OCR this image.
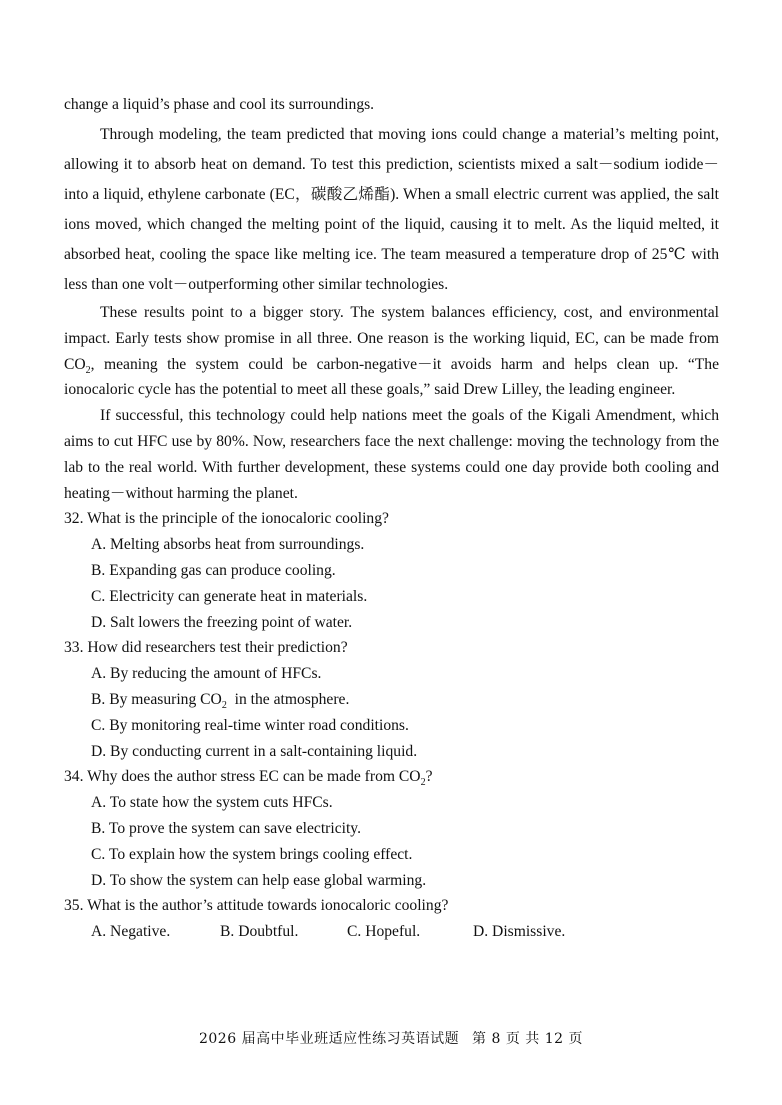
change a liquid’s phase and cool its surroundings.

Through modeling, the team predicted that moving ions could change a material’s melting point, allowing it to absorb heat on demand. To test this prediction, scientists mixed a salt－sodium iodide－into a liquid, ethylene carbonate (EC，碳酸乙烯酯). When a small electric current was applied, the salt ions moved, which changed the melting point of the liquid, causing it to melt. As the liquid melted, it absorbed heat, cooling the space like melting ice. The team measured a temperature drop of 25℃ with less than one volt－outperforming other similar technologies.

These results point to a bigger story. The system balances efficiency, cost, and environmental impact. Early tests show promise in all three. One reason is the working liquid, EC, can be made from $CO_2$, meaning the system could be carbon-negative－it avoids harm and helps clean up. “The ionocaloric cycle has the potential to meet all these goals,” said Drew Lilley, the leading engineer.

If successful, this technology could help nations meet the goals of the Kigali Amendment, which aims to cut HFC use by 80%. Now, researchers face the next challenge: moving the technology from the lab to the real world. With further development, these systems could one day provide both cooling and heating－without harming the planet.

32. What is the principle of the ionocaloric cooling?

A. Melting absorbs heat from surroundings.

B. Expanding gas can produce cooling.

C. Electricity can generate heat in materials.

D. Salt lowers the freezing point of water.

33. How did researchers test their prediction?

A. By reducing the amount of HFCs.

B. By measuring $CO_2$  in the atmosphere.

C. By monitoring real-time winter road conditions.

D. By conducting current in a salt-containing liquid.

34. Why does the author stress EC can be made from $CO_2$?

A. To state how the system cuts HFCs.

B. To prove the system can save electricity.

C. To explain how the system brings cooling effect.

D. To show the system can help ease global warming.

35. What is the author’s attitude towards ionocaloric cooling?

A. Negative.	B. Doubtful.	C. Hopeful.	D. Dismissive.
2026 届高中毕业班适应性练习英语试题 第 8 页 共 12 页
